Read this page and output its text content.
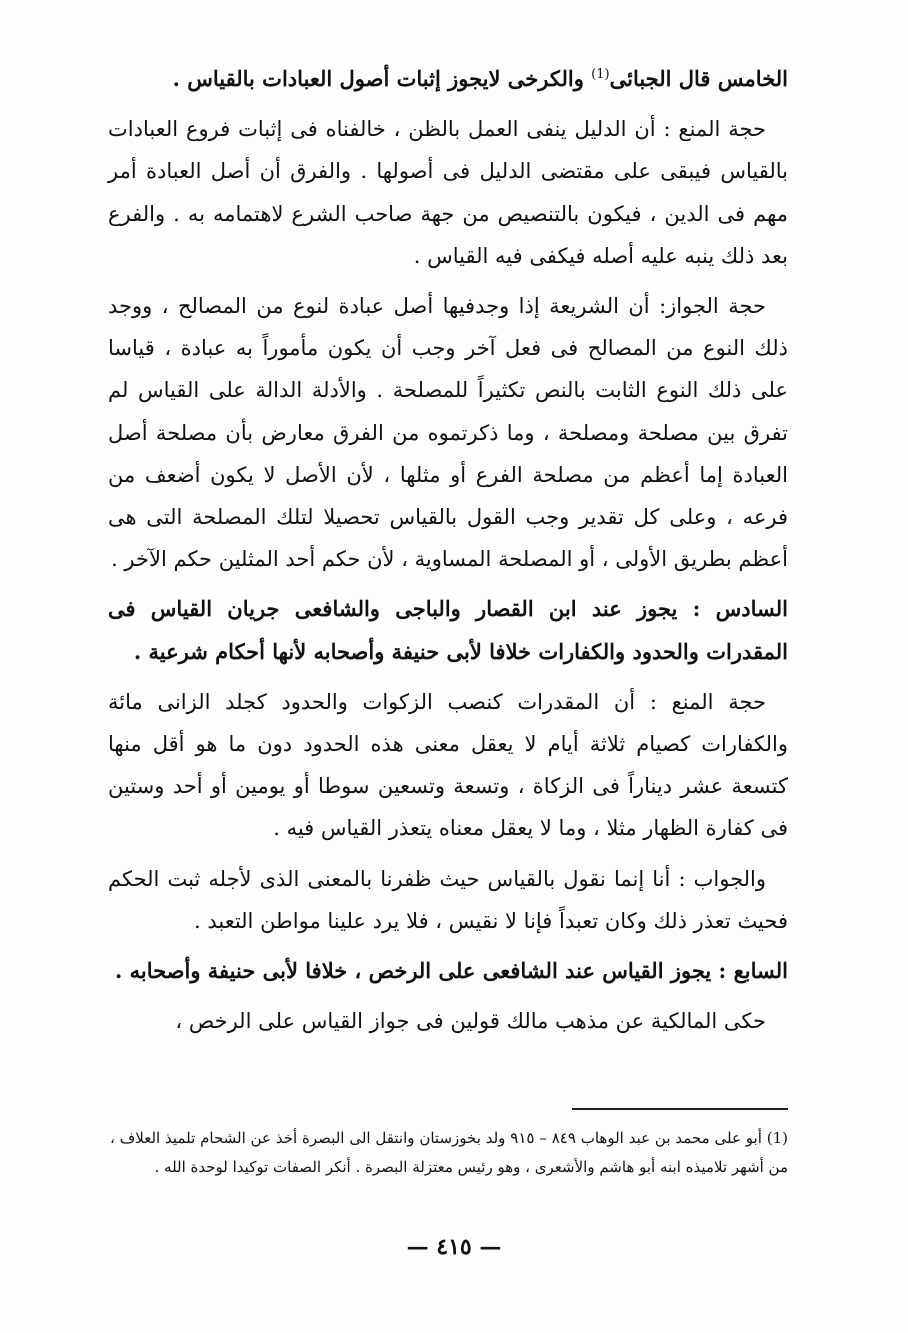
الخامس قال الجبائى$^{(1)}$ والكرخى لايجوز إثبات أصول العبادات بالقياس .

حجة المنع : أن الدليل ينفى العمل بالظن ، خالفناه فى إثبات فروع العبادات بالقياس فيبقى على مقتضى الدليل فى أصولها . والفرق أن أصل العبادة أمر مهم فى الدين ، فيكون بالتنصيص من جهة صاحب الشرع لاهتمامه به . والفرع بعد ذلك ينبه عليه أصله فيكفى فيه القياس .

حجة الجواز: أن الشريعة إذا وجدفيها أصل عبادة لنوع من المصالح ، ووجد ذلك النوع من المصالح فى فعل آخر وجب أن يكون مأموراً به عبادة ، قياسا على ذلك النوع الثابت بالنص تكثيراً للمصلحة . والأدلة الدالة على القياس لم تفرق بين مصلحة ومصلحة ، وما ذكرتموه من الفرق معارض بأن مصلحة أصل العبادة إما أعظم من مصلحة الفرع أو مثلها ، لأن الأصل لا يكون أضعف من فرعه ، وعلى كل تقدير وجب القول بالقياس تحصيلا لتلك المصلحة التى هى أعظم بطريق الأولى ، أو المصلحة المساوية ، لأن حكم أحد المثلين حكم الآخر .

السادس : يجوز عند ابن القصار والباجى والشافعى جريان القياس فى المقدرات والحدود والكفارات خلافا لأبى حنيفة وأصحابه لأنها أحكام شرعية .

حجة المنع : أن المقدرات كنصب الزكوات والحدود كجلد الزانى مائة والكفارات كصيام ثلاثة أيام لا يعقل معنى هذه الحدود دون ما هو أقل منها كتسعة عشر ديناراً فى الزكاة ، وتسعة وتسعين سوطا أو يومين أو أحد وستين فى كفارة الظهار مثلا ، وما لا يعقل معناه يتعذر القياس فيه .

والجواب : أنا إنما نقول بالقياس حيث ظفرنا بالمعنى الذى لأجله ثبت الحكم فحيث تعذر ذلك وكان تعبداً فإنا لا نقيس ، فلا يرد علينا مواطن التعبد .

السابع : يجوز القياس عند الشافعى على الرخص ، خلافا لأبى حنيفة وأصحابه .

حكى المالكية عن مذهب مالك قولين فى جواز القياس على الرخص ،

(1) أبو على محمد بن عبد الوهاب ٨٤٩ – ٩١٥ ولد بخوزستان وانتقل الى البصرة أخذ عن الشحام تلميذ العلاف ، من أشهر تلاميذه ابنه أبو هاشم والأشعرى ، وهو رئيس معتزلة البصرة . أنكر الصفات توكيدا لوحدة الله .
— ٤١٥ —
